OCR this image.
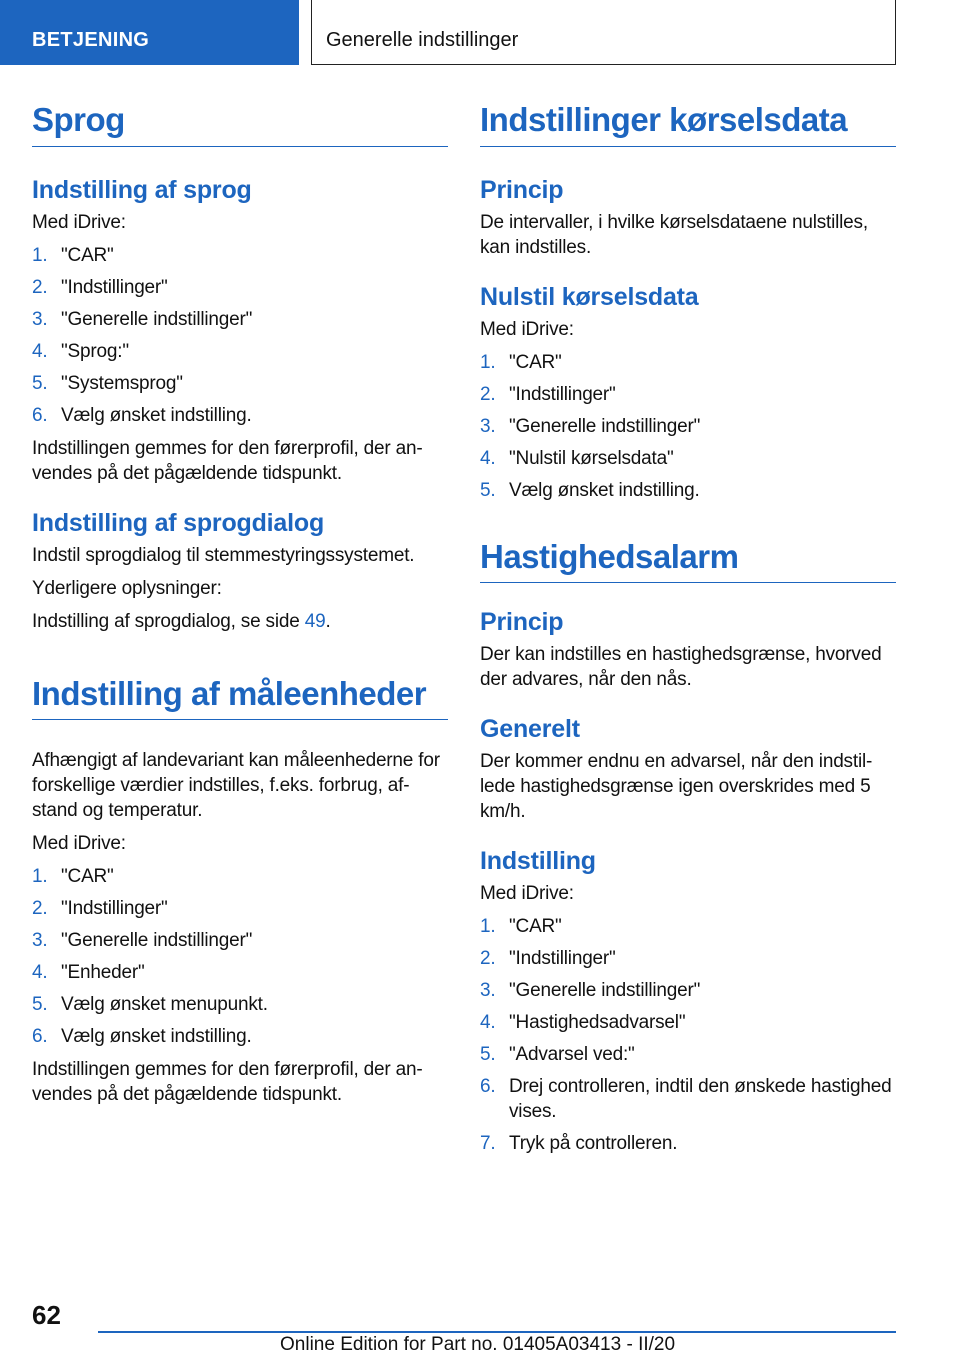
BETJENING	Generelle indstillinger
Sprog
Indstilling af sprog

Med iDrive:

1. "CAR"
2. "Indstillinger"
3. "Generelle indstillinger"
4. "Sprog:"
5. "Systemsprog"
6. Vælg ønsket indstilling.

Indstillingen gemmes for den førerprofil, der anvendes på det pågældende tidspunkt.

Indstilling af sprogdialog

Indstil sprogdialog til stemmestyringssystemet.

Yderligere oplysninger:

Indstilling af sprogdialog, se side 49.

Indstilling af måleenheder

Afhængigt af landevariant kan måleenhederne for forskellige værdier indstilles, f.eks. forbrug, afstand og temperatur.

Med iDrive:

1. "CAR"
2. "Indstillinger"
3. "Generelle indstillinger"
4. "Enheder"
5. Vælg ønsket menupunkt.
6. Vælg ønsket indstilling.

Indstillingen gemmes for den førerprofil, der anvendes på det pågældende tidspunkt.

Indstillinger kørselsdata
Princip

De intervaller, i hvilke kørselsdataene nulstilles, kan indstilles.

Nulstil kørselsdata

Med iDrive:

1. "CAR"
2. "Indstillinger"
3. "Generelle indstillinger"
4. "Nulstil kørselsdata"
5. Vælg ønsket indstilling.
Hastighedsalarm
Princip

Der kan indstilles en hastighedsgrænse, hvorved der advares, når den nås.

Generelt

Der kommer endnu en advarsel, når den indstillede hastighedsgrænse igen overskrides med 5 km/h.

Indstilling

Med iDrive:

1. "CAR"
2. "Indstillinger"
3. "Generelle indstillinger"
4. "Hastighedsadvarsel"
5. "Advarsel ved:"
6. Drej controlleren, indtil den ønskede hastighed vises.
7. Tryk på controlleren.
62
Online Edition for Part no. 01405A03413 - II/20
